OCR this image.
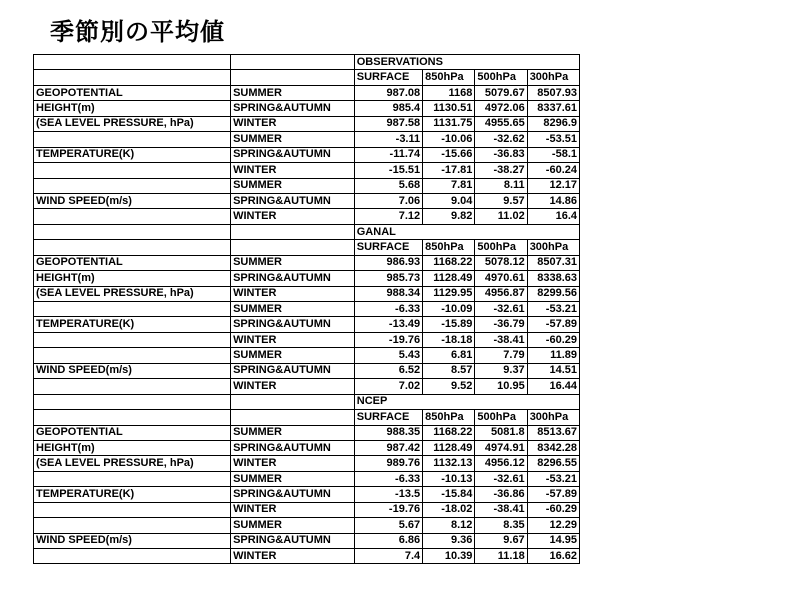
季節別の平均値
		OBSERVATIONS			
		SURFACE	850hPa	500hPa	300hPa
GEOPOTENTIAL	SUMMER	987.08	1168	5079.67	8507.93
HEIGHT(m)	SPRING&AUTUMN	985.4	1130.51	4972.06	8337.61
(SEA LEVEL PRESSURE, hPa)	WINTER	987.58	1131.75	4955.65	8296.9
	SUMMER	-3.11	-10.06	-32.62	-53.51
TEMPERATURE(K)	SPRING&AUTUMN	-11.74	-15.66	-36.83	-58.1
	WINTER	-15.51	-17.81	-38.27	-60.24
	SUMMER	5.68	7.81	8.11	12.17
WIND SPEED(m/s)	SPRING&AUTUMN	7.06	9.04	9.57	14.86
	WINTER	7.12	9.82	11.02	16.4
		GANAL			
		SURFACE	850hPa	500hPa	300hPa
GEOPOTENTIAL	SUMMER	986.93	1168.22	5078.12	8507.31
HEIGHT(m)	SPRING&AUTUMN	985.73	1128.49	4970.61	8338.63
(SEA LEVEL PRESSURE, hPa)	WINTER	988.34	1129.95	4956.87	8299.56
	SUMMER	-6.33	-10.09	-32.61	-53.21
TEMPERATURE(K)	SPRING&AUTUMN	-13.49	-15.89	-36.79	-57.89
	WINTER	-19.76	-18.18	-38.41	-60.29
	SUMMER	5.43	6.81	7.79	11.89
WIND SPEED(m/s)	SPRING&AUTUMN	6.52	8.57	9.37	14.51
	WINTER	7.02	9.52	10.95	16.44
		NCEP			
		SURFACE	850hPa	500hPa	300hPa
GEOPOTENTIAL	SUMMER	988.35	1168.22	5081.8	8513.67
HEIGHT(m)	SPRING&AUTUMN	987.42	1128.49	4974.91	8342.28
(SEA LEVEL PRESSURE, hPa)	WINTER	989.76	1132.13	4956.12	8296.55
	SUMMER	-6.33	-10.13	-32.61	-53.21
TEMPERATURE(K)	SPRING&AUTUMN	-13.5	-15.84	-36.86	-57.89
	WINTER	-19.76	-18.02	-38.41	-60.29
	SUMMER	5.67	8.12	8.35	12.29
WIND SPEED(m/s)	SPRING&AUTUMN	6.86	9.36	9.67	14.95
	WINTER	7.4	10.39	11.18	16.62
